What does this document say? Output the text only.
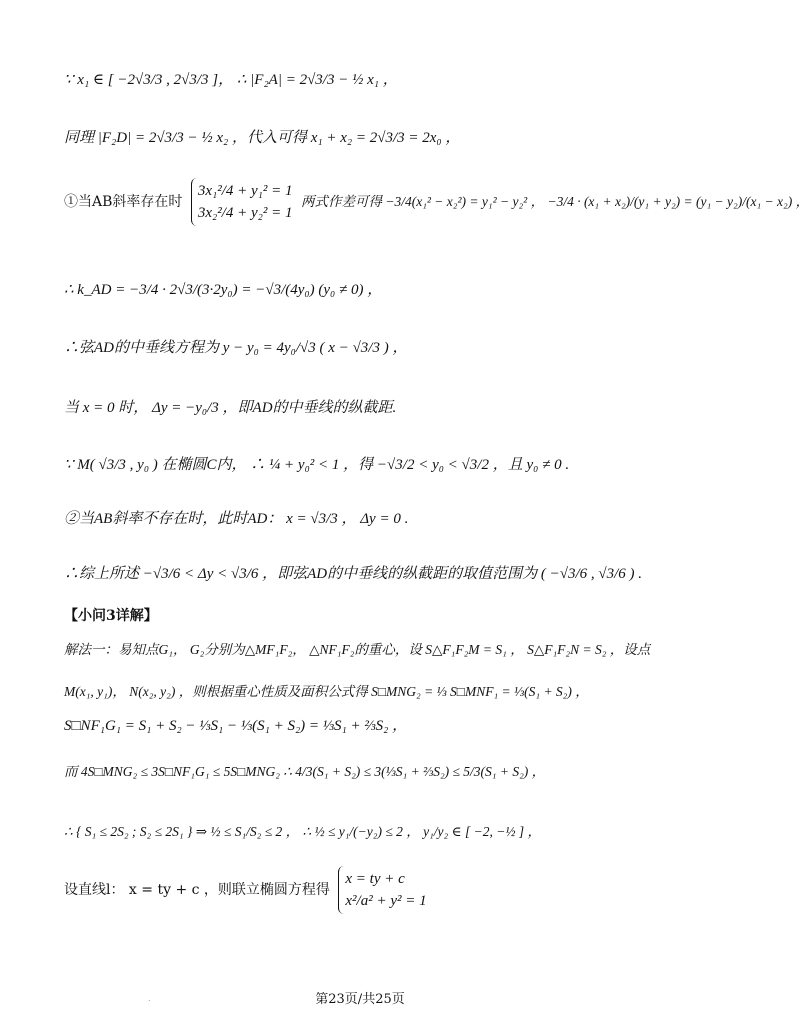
∵ x₁ ∈ [ −2√3/3 , 2√3/3 ]， ∴ |F₂A| = 2√3/3 − ½ x₁ ，
同理 |F₂D| = 2√3/3 − ½ x₂ ，代入可得 x₁ + x₂ = 2√3/3 = 2x₀ ，
①当AB斜率存在时
3x₁²/4 + y₁² = 1
3x₂²/4 + y₂² = 1
两式作差可得 −3/4(x₁² − x₂²) = y₁² − y₂² ， −3/4 · (x₁ + x₂)/(y₁ + y₂) = (y₁ − y₂)/(x₁ − x₂) ，
∴ k_AD = −3/4 · 2√3/(3·2y₀) = −√3/(4y₀) (y₀ ≠ 0) ，
∴弦AD的中垂线方程为 y − y₀ = 4y₀/√3 ( x − √3/3 ) ，
当 x = 0 时， Δy = −y₀/3 ，即AD的中垂线的纵截距.
∵ M( √3/3 , y₀ ) 在椭圆C内， ∴ ¼ + y₀² < 1 ，得 −√3/2 < y₀ < √3/2 ，且 y₀ ≠ 0 .
②当AB斜率不存在时，此时AD： x = √3/3 ， Δy = 0 .
∴综上所述 −√3/6 < Δy < √3/6 ，即弦AD的中垂线的纵截距的取值范围为 ( −√3/6 , √3/6 ) .
【小问3详解】
解法一：易知点G₁， G₂分别为△MF₁F₂， △NF₁F₂的重心，设 S△F₁F₂M = S₁ ， S△F₁F₂N = S₂ ，设点
M(x₁, y₁)， N(x₂, y₂) ，则根据重心性质及面积公式得 S□MNG₂ = ⅓ S□MNF₁ = ⅓(S₁ + S₂) ，
S□NF₁G₁ = S₁ + S₂ − ⅓S₁ − ⅓(S₁ + S₂) = ⅓S₁ + ⅔S₂ ，
而 4S□MNG₂ ≤ 3S□NF₁G₁ ≤ 5S□MNG₂ ∴ 4/3(S₁ + S₂) ≤ 3(⅓S₁ + ⅔S₂) ≤ 5/3(S₁ + S₂) ，
∴ { S₁ ≤ 2S₂ ; S₂ ≤ 2S₁ } ⇒ ½ ≤ S₁/S₂ ≤ 2 ， ∴ ½ ≤ y₁/(−y₂) ≤ 2 ， y₁/y₂ ∈ [ −2, −½ ] ，
设直线l： x = ty + c ，则联立椭圆方程得
x = ty + c
x²/a² + y² = 1
.	第23页/共25页
